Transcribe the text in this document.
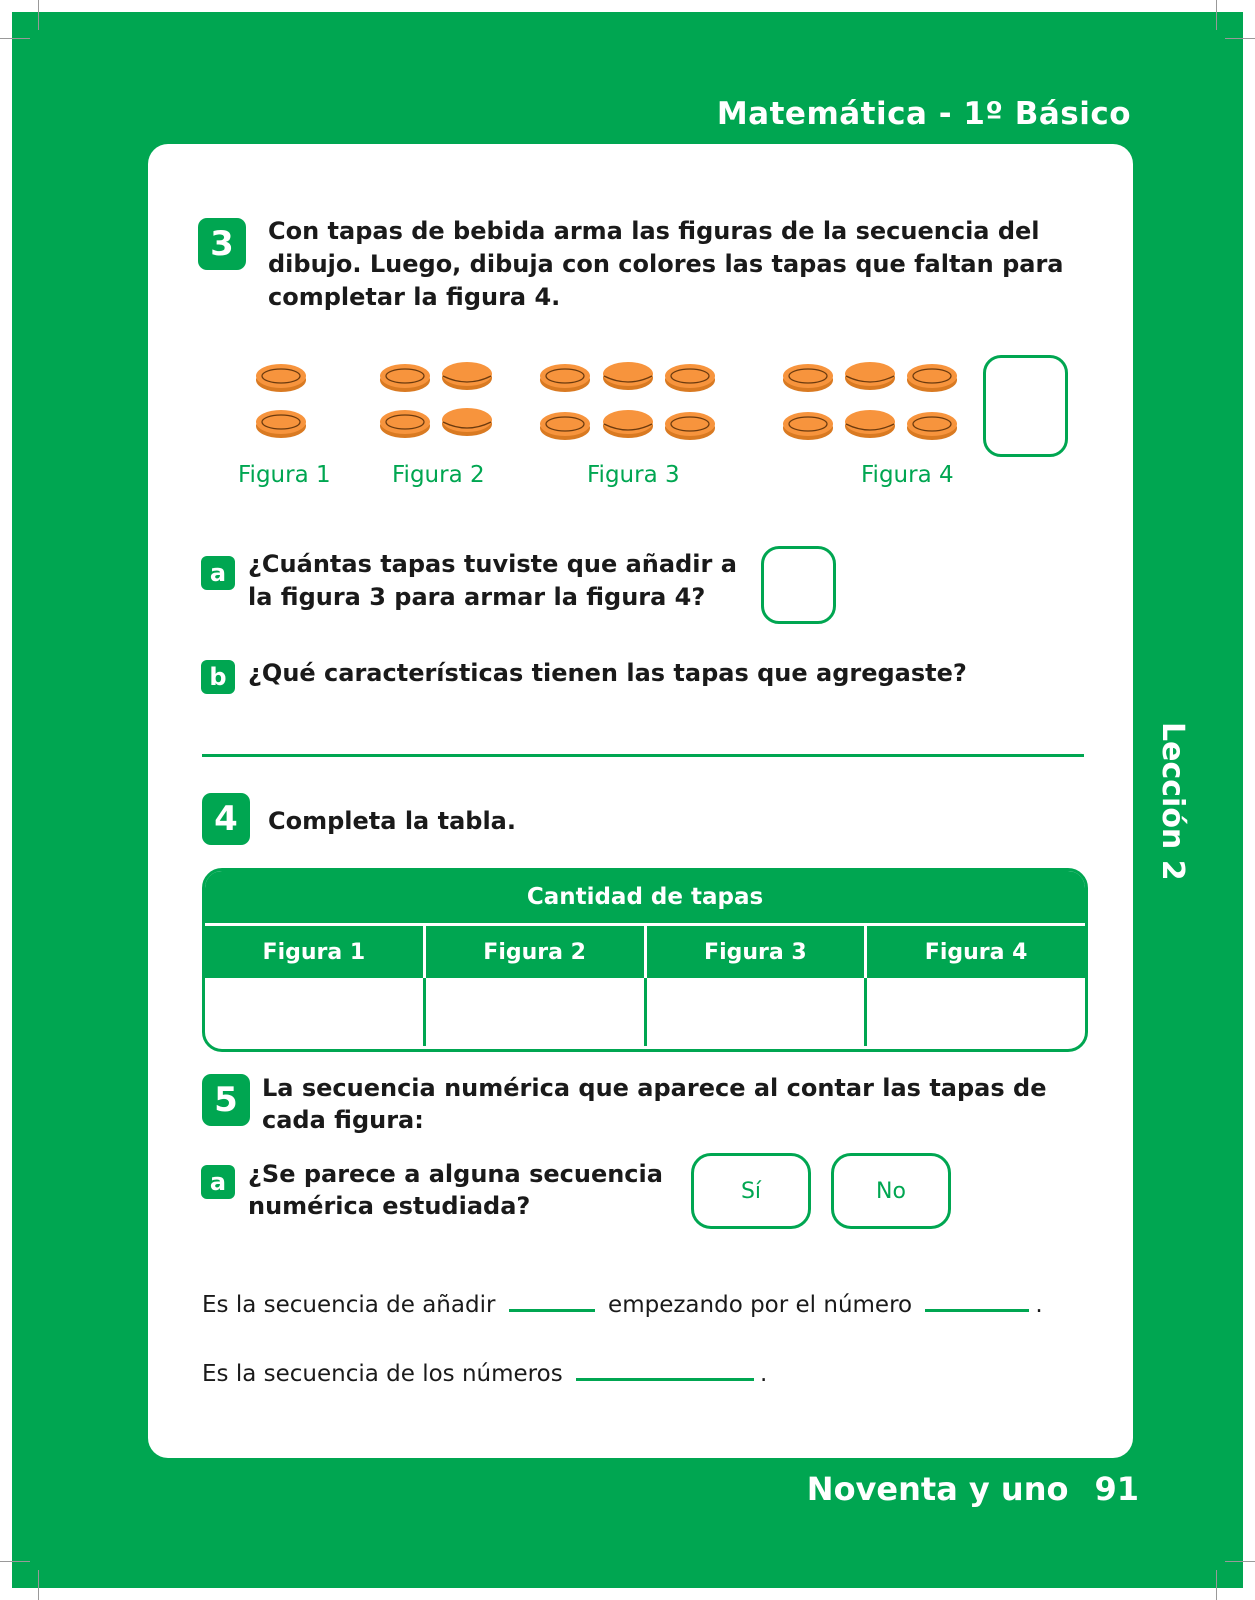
Matemática - 1º Básico
Lección 2
3	Con tapas de bebida arma las figuras de la secuencia del
dibujo. Luego, dibuja con colores las tapas que faltan para
completar la figura 4.
Figura 1	Figura 2	Figura 3	Figura 4
a ¿Cuántas tapas tuviste que añadir a
la figura 3 para armar la figura 4?
b ¿Qué características tienen las tapas que agregaste?
4	Completa la tabla.
Cantidad de tapas
Figura 1	Figura 2	Figura 3	Figura 4
5	La secuencia numérica que aparece al contar las tapas de
cada figura:
a ¿Se parece a alguna secuencia
numérica estudiada?
Sí	No
Es la secuencia de añadir	empezando por el número	.
Es la secuencia de los números	.
Noventa y uno 91
